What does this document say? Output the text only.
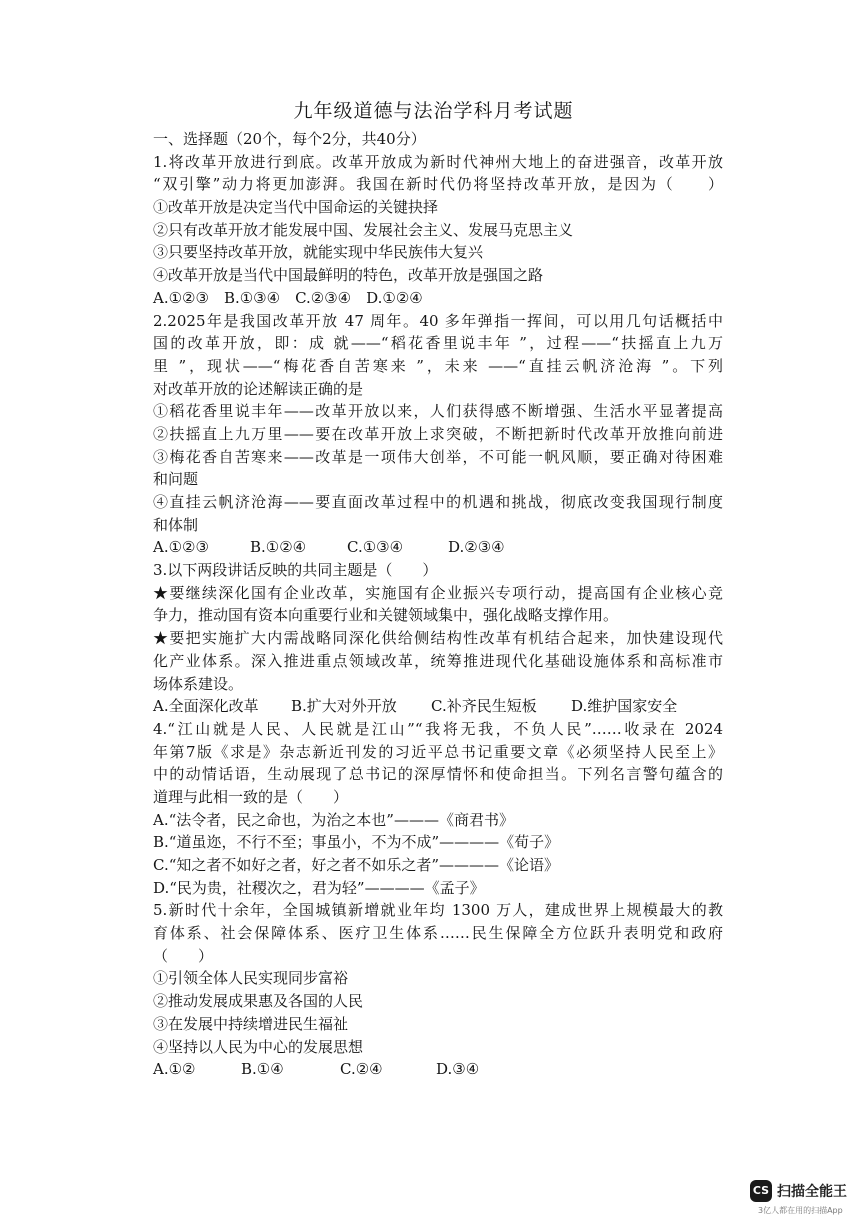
九年级道德与法治学科月考试题
一、选择题（20个，每个2分，共40分）
1.将改革开放进行到底。改革开放成为新时代神州大地上的奋进强音，改革开放
“双引擎”动力将更加澎湃。我国在新时代仍将坚持改革开放，是因为（　　）
①改革开放是决定当代中国命运的关键抉择
②只有改革开放才能发展中国、发展社会主义、发展马克思主义
③只要坚持改革开放，就能实现中华民族伟大复兴
④改革开放是当代中国最鲜明的特色，改革开放是强国之路
A.①②③　B.①③④　C.②③④　D.①②④
2.2025年是我国改革开放 47 周年。40 多年弹指一挥间，可以用几句话概括中
国的改革开放，即：成 就——“稻花香里说丰年 ”，过程——“扶摇直上九万
里 ”，现状——“梅花香自苦寒来 ”，未来 ——“直挂云帆济沧海 ”。下列
对改革开放的论述解读正确的是
①稻花香里说丰年——改革开放以来，人们获得感不断增强、生活水平显著提高
②扶摇直上九万里——要在改革开放上求突破，不断把新时代改革开放推向前进
③梅花香自苦寒来——改革是一项伟大创举，不可能一帆风顺，要正确对待困难
和问题
④直挂云帆济沧海——要直面改革过程中的机遇和挑战，彻底改变我国现行制度
和体制
A.①②③	B.①②④	C.①③④	D.②③④
3.以下两段讲话反映的共同主题是（　　）
★要继续深化国有企业改革，实施国有企业振兴专项行动，提高国有企业核心竞
争力，推动国有资本向重要行业和关键领域集中，强化战略支撑作用。
★要把实施扩大内需战略同深化供给侧结构性改革有机结合起来，加快建设现代
化产业体系。深入推进重点领域改革，统筹推进现代化基础设施体系和高标准市
场体系建设。
A.全面深化改革	B.扩大对外开放	C.补齐民生短板	D.维护国家安全
4.“江山就是人民、人民就是江山”“我将无我，不负人民”……收录在 2024
年第7版《求是》杂志新近刊发的习近平总书记重要文章《必须坚持人民至上》
中的动情话语，生动展现了总书记的深厚情怀和使命担当。下列名言警句蕴含的
道理与此相一致的是（　　）
A.“法令者，民之命也，为治之本也”———《商君书》
B.“道虽迩，不行不至；事虽小，不为不成”————《荀子》
C.“知之者不如好之者，好之者不如乐之者”————《论语》
D.“民为贵，社稷次之，君为轻”————《孟子》
5.新时代十余年，全国城镇新增就业年均 1300 万人，建成世界上规模最大的教
育体系、社会保障体系、医疗卫生体系……民生保障全方位跃升表明党和政府
（　　）
①引领全体人民实现同步富裕
②推动发展成果惠及各国的人民
③在发展中持续增进民生福祉
④坚持以人民为中心的发展思想
A.①②	B.①④	C.②④	D.③④
CS 扫描全能王
3亿人都在用的扫描App
